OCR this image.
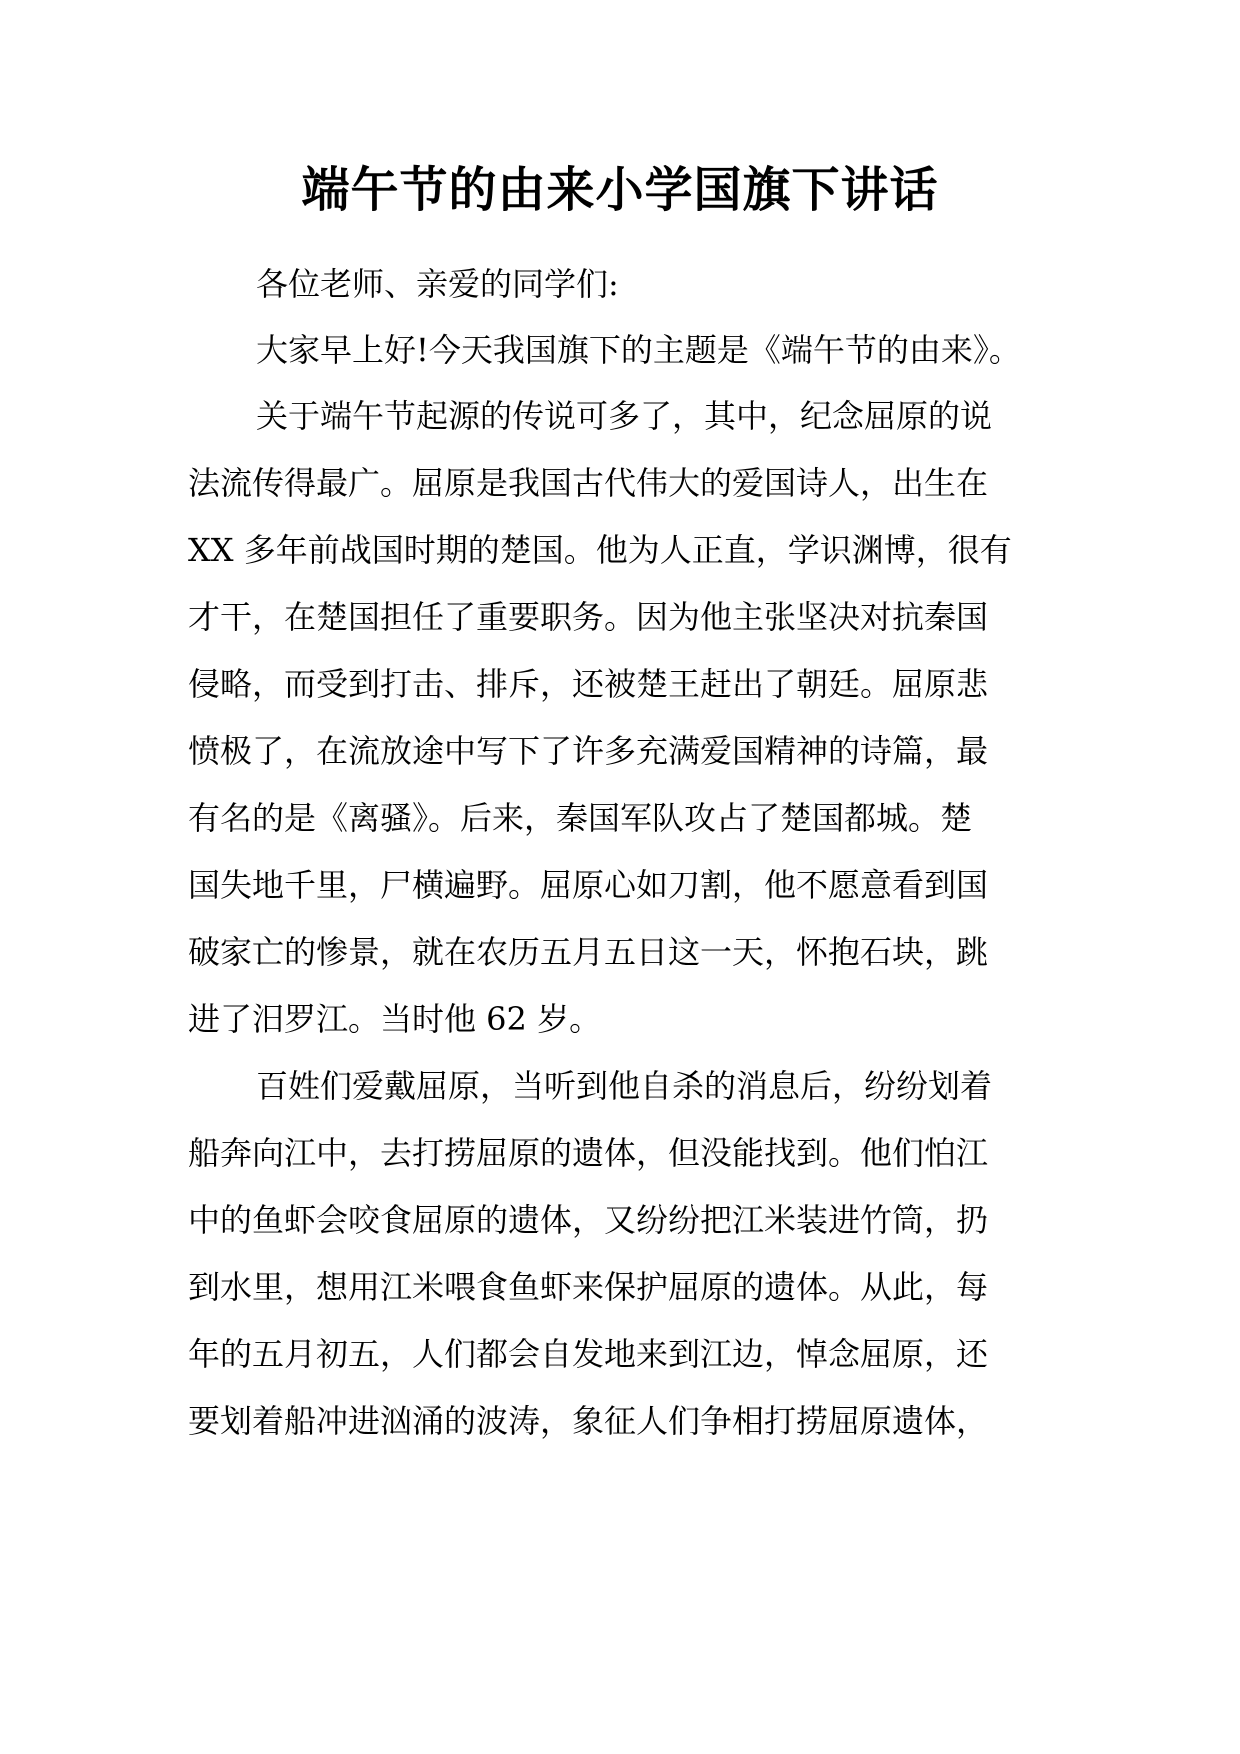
端午节的由来小学国旗下讲话
各位老师、亲爱的同学们:
大家早上好!今天我国旗下的主题是《端午节的由来》。
关于端午节起源的传说可多了，其中，纪念屈原的说
法流传得最广。屈原是我国古代伟大的爱国诗人，出生在
XX 多年前战国时期的楚国。他为人正直，学识渊博，很有
才干，在楚国担任了重要职务。因为他主张坚决对抗秦国
侵略，而受到打击、排斥，还被楚王赶出了朝廷。屈原悲
愤极了，在流放途中写下了许多充满爱国精神的诗篇，最
有名的是《离骚》。后来，秦国军队攻占了楚国都城。楚
国失地千里，尸横遍野。屈原心如刀割，他不愿意看到国
破家亡的惨景，就在农历五月五日这一天，怀抱石块，跳
进了汨罗江。当时他 62 岁。
百姓们爱戴屈原，当听到他自杀的消息后，纷纷划着
船奔向江中，去打捞屈原的遗体，但没能找到。他们怕江
中的鱼虾会咬食屈原的遗体，又纷纷把江米装进竹筒，扔
到水里，想用江米喂食鱼虾来保护屈原的遗体。从此，每
年的五月初五，人们都会自发地来到江边，悼念屈原，还
要划着船冲进汹涌的波涛，象征人们争相打捞屈原遗体，
